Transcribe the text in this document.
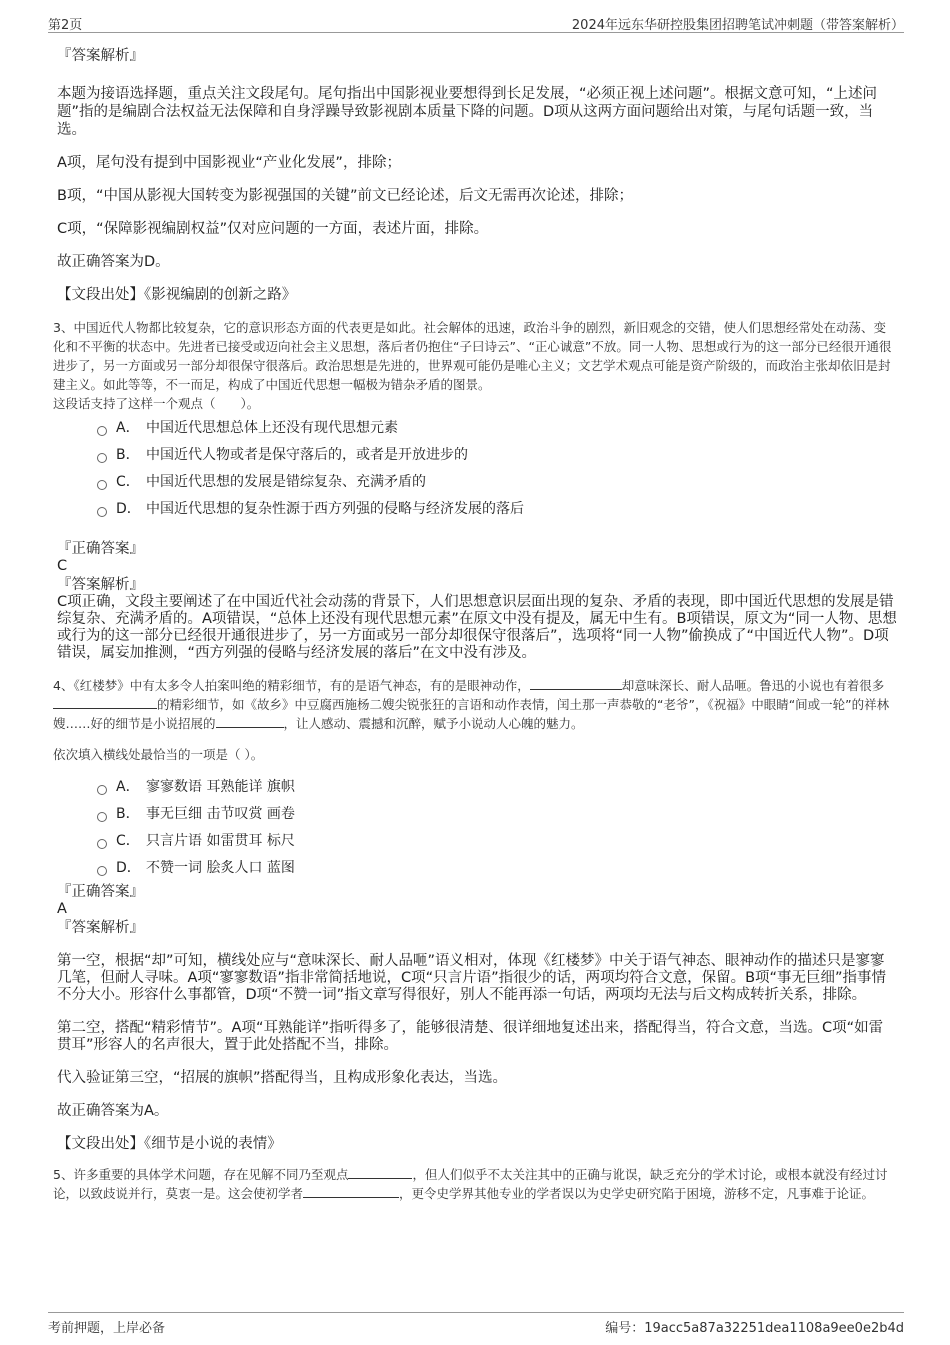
第2页	2024年远东华研控股集团招聘笔试冲刺题（带答案解析）

『答案解析』

本题为接语选择题，重点关注文段尾句。尾句指出中国影视业要想得到长足发展，“必须正视上述问题”。根据文意可知，“上述问题”指的是编剧合法权益无法保障和自身浮躁导致影视剧本质量下降的问题。D项从这两方面问题给出对策，与尾句话题一致，当选。

A项，尾句没有提到中国影视业“产业化发展”，排除；

B项，“中国从影视大国转变为影视强国的关键”前文已经论述，后文无需再次论述，排除；

C项，“保障影视编剧权益”仅对应问题的一方面，表述片面，排除。

故正确答案为D。

【文段出处】《影视编剧的创新之路》

3、中国近代人物都比较复杂，它的意识形态方面的代表更是如此。社会解体的迅速，政治斗争的剧烈，新旧观念的交错，使人们思想经常处在动荡、变化和不平衡的状态中。先进者已接受或迈向社会主义思想，落后者仍抱住“子曰诗云”、“正心诚意”不放。同一人物、思想或行为的这一部分已经很开通很进步了，另一方面或另一部分却很保守很落后。政治思想是先进的，世界观可能仍是唯心主义；文艺学术观点可能是资产阶级的，而政治主张却依旧是封建主义。如此等等，不一而足，构成了中国近代思想一幅极为错杂矛盾的图景。

这段话支持了这样一个观点（　　）。

A． 中国近代思想总体上还没有现代思想元素
B． 中国近代人物或者是保守落后的，或者是开放进步的
C． 中国近代思想的发展是错综复杂、充满矛盾的
D． 中国近代思想的复杂性源于西方列强的侵略与经济发展的落后

『正确答案』

C

『答案解析』

C项正确，文段主要阐述了在中国近代社会动荡的背景下，人们思想意识层面出现的复杂、矛盾的表现，即中国近代思想的发展是错综复杂、充满矛盾的。A项错误，“总体上还没有现代思想元素”在原文中没有提及，属无中生有。B项错误，原文为“同一人物、思想或行为的这一部分已经很开通很进步了，另一方面或另一部分却很保守很落后”，选项将“同一人物”偷换成了“中国近代人物”。D项错误，属妄加推测，“西方列强的侵略与经济发展的落后”在文中没有涉及。

4、《红楼梦》中有太多令人拍案叫绝的精彩细节，有的是语气神态，有的是眼神动作，	却意味深长、耐人品咂。鲁迅的小说也有着很多的精彩细节，如《故乡》中豆腐西施杨二嫂尖锐张狂的言语和动作表情，闰土那一声恭敬的“老爷”，《祝福》中眼睛“间或一轮”的祥林嫂……好的细节是小说招展的	，让人感动、震撼和沉醉，赋予小说动人心魄的魅力。

依次填入横线处最恰当的一项是（ ）。

A． 寥寥数语 耳熟能详 旗帜
B． 事无巨细 击节叹赏 画卷
C． 只言片语 如雷贯耳 标尺
D． 不赞一词 脍炙人口 蓝图

『正确答案』

A

『答案解析』

第一空，根据“却”可知，横线处应与“意味深长、耐人品咂”语义相对，体现《红楼梦》中关于语气神态、眼神动作的描述只是寥寥几笔，但耐人寻味。A项“寥寥数语”指非常简括地说，C项“只言片语”指很少的话，两项均符合文意，保留。B项“事无巨细”指事情不分大小。形容什么事都管，D项“不赞一词”指文章写得很好，别人不能再添一句话，两项均无法与后文构成转折关系，排除。

第二空，搭配“精彩情节”。A项“耳熟能详”指听得多了，能够很清楚、很详细地复述出来，搭配得当，符合文意，当选。C项“如雷贯耳”形容人的名声很大，置于此处搭配不当，排除。

代入验证第三空，“招展的旗帜”搭配得当，且构成形象化表达，当选。

故正确答案为A。

【文段出处】《细节是小说的表情》

5、许多重要的具体学术问题，存在见解不同乃至观点	，但人们似乎不太关注其中的正确与讹误，缺乏充分的学术讨论，或根本就没有经过讨论，以致歧说并行，莫衷一是。这会使初学者	，更令史学界其他专业的学者误以为史学史研究陷于困境，游移不定，凡事难于论证。

考前押题，上岸必备	编号：19acc5a87a32251dea1108a9ee0e2b4d
